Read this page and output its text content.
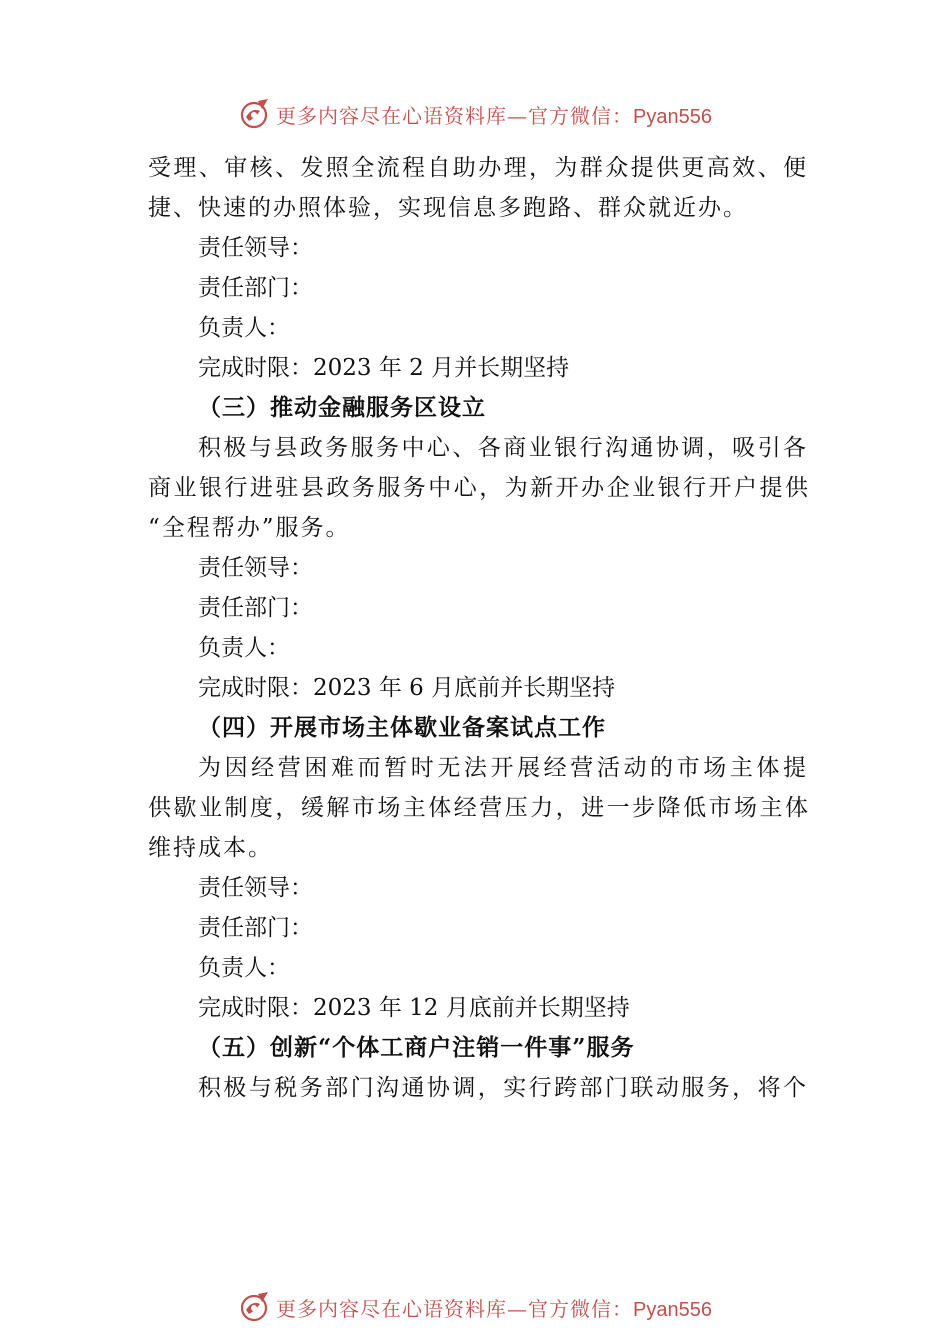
更多内容尽在心语资料库—官方微信：Pyan556
受理、审核、发照全流程自助办理，为群众提供更高效、便
捷、快速的办照体验，实现信息多跑路、群众就近办。
责任领导：
责任部门：
负责人：
完成时限：2023 年 2 月并长期坚持
（三）推动金融服务区设立
积极与县政务服务中心、各商业银行沟通协调，吸引各
商业银行进驻县政务服务中心，为新开办企业银行开户提供
“全程帮办”服务。
责任领导：
责任部门：
负责人：
完成时限：2023 年 6 月底前并长期坚持
（四）开展市场主体歇业备案试点工作
为因经营困难而暂时无法开展经营活动的市场主体提
供歇业制度，缓解市场主体经营压力，进一步降低市场主体
维持成本。
责任领导：
责任部门：
负责人：
完成时限：2023 年 12 月底前并长期坚持
（五）创新“个体工商户注销一件事”服务
积极与税务部门沟通协调，实行跨部门联动服务，将个
更多内容尽在心语资料库—官方微信：Pyan556
